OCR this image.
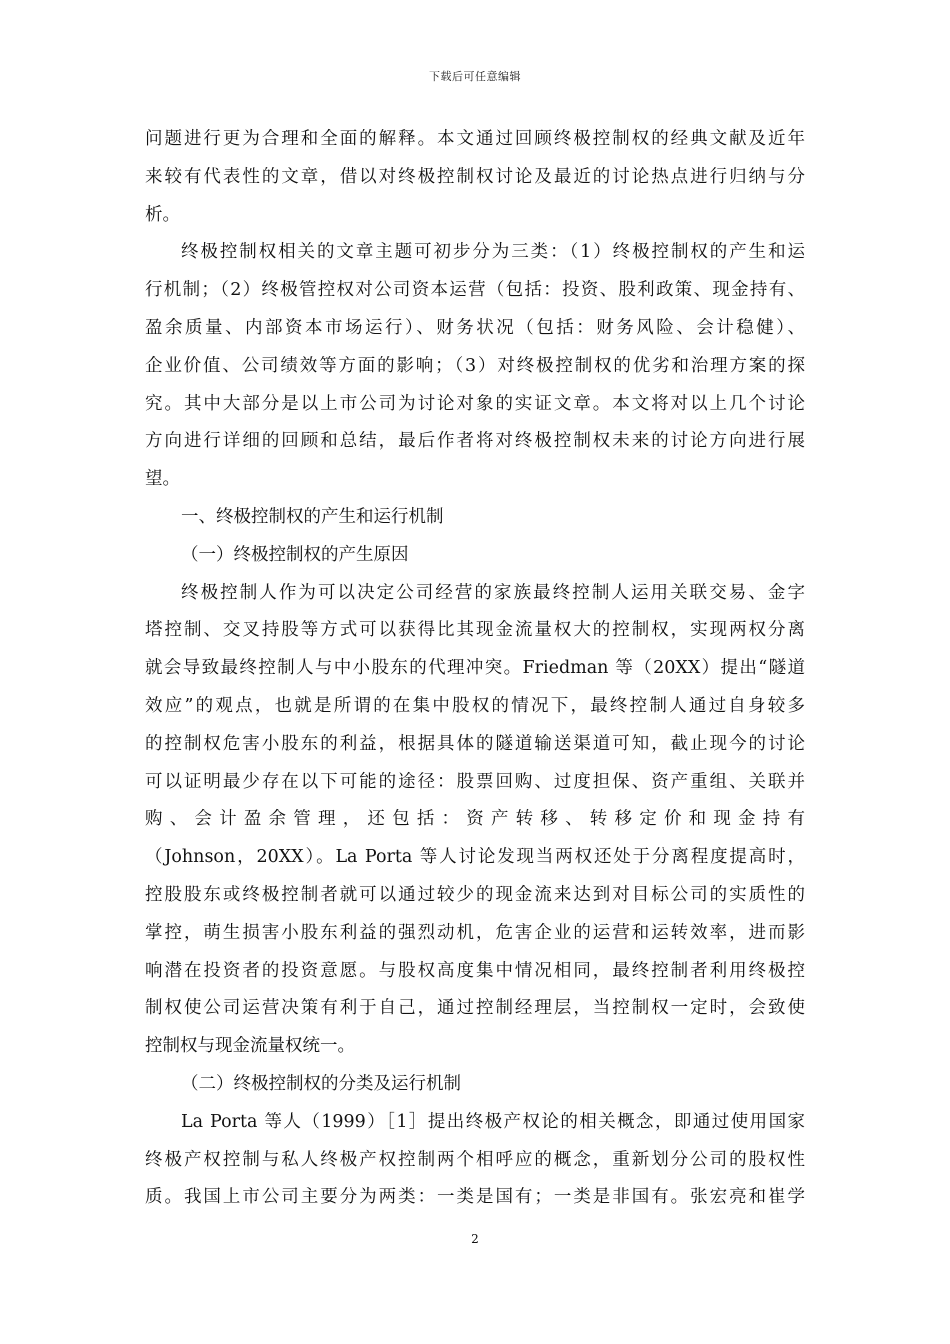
下载后可任意编辑
问题进行更为合理和全面的解释。本文通过回顾终极控制权的经典文献及近年
来较有代表性的文章，借以对终极控制权讨论及最近的讨论热点进行归纳与分
析。
终极控制权相关的文章主题可初步分为三类：（1）终极控制权的产生和运
行机制；（2）终极管控权对公司资本运营（包括：投资、股利政策、现金持有、
盈余质量、内部资本市场运行）、财务状况（包括：财务风险、会计稳健）、
企业价值、公司绩效等方面的影响；（3）对终极控制权的优劣和治理方案的探
究。其中大部分是以上市公司为讨论对象的实证文章。本文将对以上几个讨论
方向进行详细的回顾和总结，最后作者将对终极控制权未来的讨论方向进行展
望。
一、终极控制权的产生和运行机制
（一）终极控制权的产生原因
终极控制人作为可以决定公司经营的家族最终控制人运用关联交易、金字
塔控制、交叉持股等方式可以获得比其现金流量权大的控制权，实现两权分离
就会导致最终控制人与中小股东的代理冲突。Friedman 等（20XX）提出“隧道
效应”的观点，也就是所谓的在集中股权的情况下，最终控制人通过自身较多
的控制权危害小股东的利益，根据具体的隧道输送渠道可知，截止现今的讨论
可以证明最少存在以下可能的途径：股票回购、过度担保、资产重组、关联并
购、会计盈余管理，还包括：资产转移、转移定价和现金持有
（Johnson，20XX）。La Porta 等人讨论发现当两权还处于分离程度提高时，
控股股东或终极控制者就可以通过较少的现金流来达到对目标公司的实质性的
掌控，萌生损害小股东利益的强烈动机，危害企业的运营和运转效率，进而影
响潜在投资者的投资意愿。与股权高度集中情况相同，最终控制者利用终极控
制权使公司运营决策有利于自己，通过控制经理层，当控制权一定时，会致使
控制权与现金流量权统一。
（二）终极控制权的分类及运行机制
La Porta 等人（1999）［1］提出终极产权论的相关概念，即通过使用国家
终极产权控制与私人终极产权控制两个相呼应的概念，重新划分公司的股权性
质。我国上市公司主要分为两类：一类是国有；一类是非国有。张宏亮和崔学
2
